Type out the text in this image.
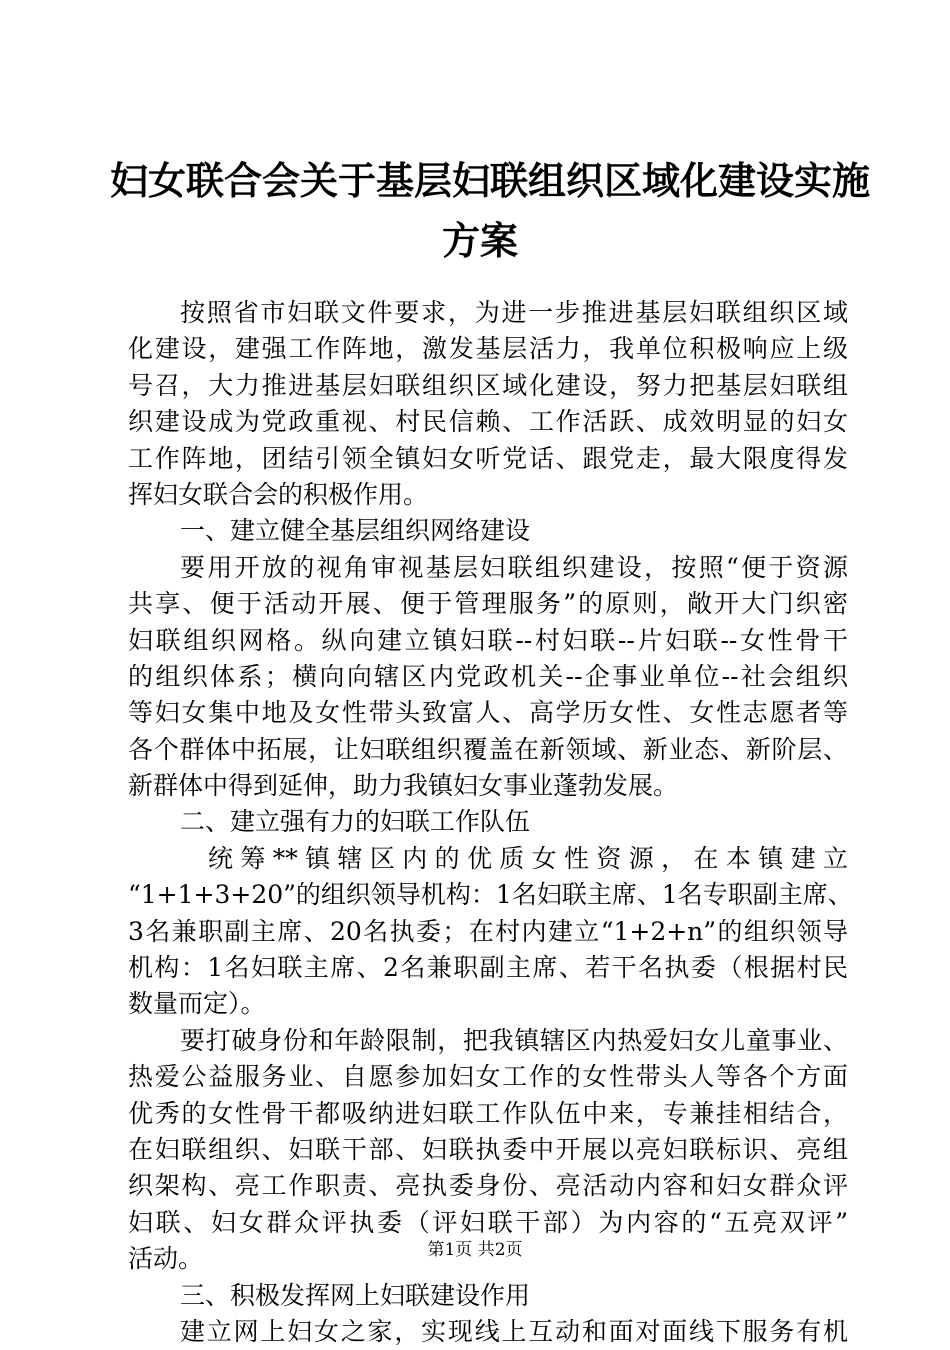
妇女联合会关于基层妇联组织区域化建设实施
方案
按照省市妇联文件要求，为进一步推进基层妇联组织区域
化建设，建强工作阵地，激发基层活力，我单位积极响应上级
号召，大力推进基层妇联组织区域化建设，努力把基层妇联组
织建设成为党政重视、村民信赖、工作活跃、成效明显的妇女
工作阵地，团结引领全镇妇女听党话、跟党走，最大限度得发
挥妇女联合会的积极作用。
一、建立健全基层组织网络建设
要用开放的视角审视基层妇联组织建设，按照“便于资源
共享、便于活动开展、便于管理服务”的原则，敞开大门织密
妇联组织网格。纵向建立镇妇联--村妇联--片妇联--女性骨干
的组织体系；横向向辖区内党政机关--企事业单位--社会组织
等妇女集中地及女性带头致富人、高学历女性、女性志愿者等
各个群体中拓展，让妇联组织覆盖在新领域、新业态、新阶层、
新群体中得到延伸，助力我镇妇女事业蓬勃发展。
二、建立强有力的妇联工作队伍
统筹**镇辖区内的优质女性资源，在本镇建立
“1+1+3+20”的组织领导机构：1名妇联主席、1名专职副主席、
3名兼职副主席、20名执委；在村内建立“1+2+n”的组织领导
机构：1名妇联主席、2名兼职副主席、若干名执委（根据村民
数量而定）。
要打破身份和年龄限制，把我镇辖区内热爱妇女儿童事业、
热爱公益服务业、自愿参加妇女工作的女性带头人等各个方面
优秀的女性骨干都吸纳进妇联工作队伍中来，专兼挂相结合，
在妇联组织、妇联干部、妇联执委中开展以亮妇联标识、亮组
织架构、亮工作职责、亮执委身份、亮活动内容和妇女群众评
妇联、妇女群众评执委（评妇联干部）为内容的“五亮双评”
活动。
三、积极发挥网上妇联建设作用
建立网上妇女之家，实现线上互动和面对面线下服务有机
第1页 共2页
